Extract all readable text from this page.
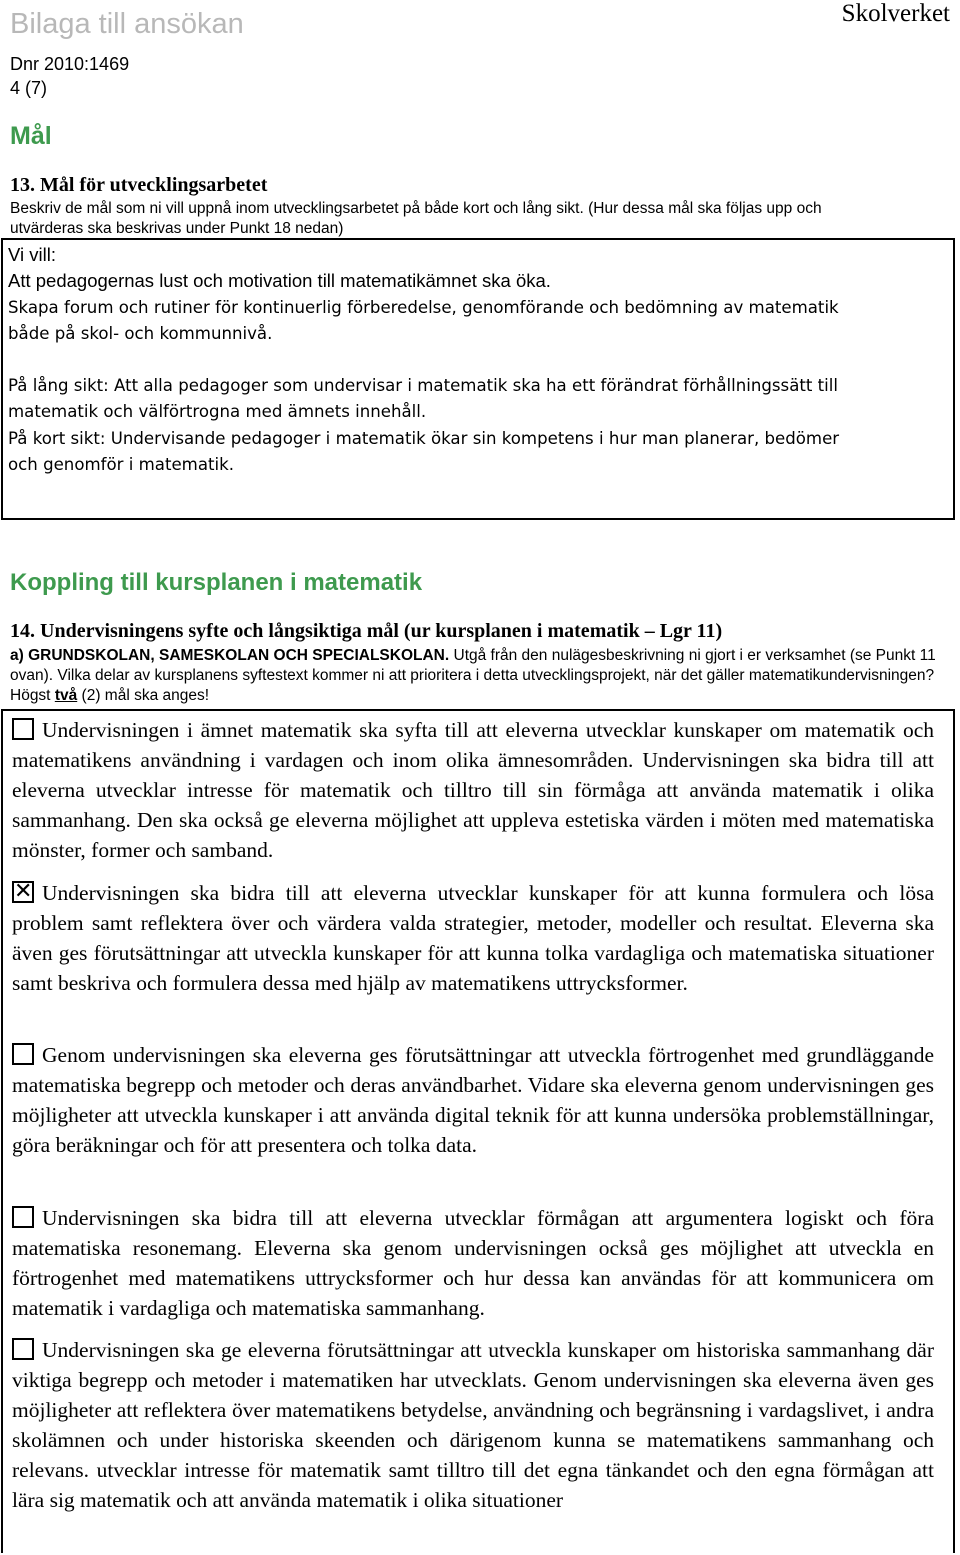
Bilaga till ansökan	Skolverket
Dnr 2010:1469
4 (7)
Mål
13. Mål för utvecklingsarbetet
Beskriv de mål som ni vill uppnå inom utvecklingsarbetet på både kort och lång sikt. (Hur dessa mål ska följas upp och
utvärderas ska beskrivas under Punkt 18 nedan)
Vi vill:
Att pedagogernas lust och motivation till matematikämnet ska öka.
Skapa forum och rutiner för kontinuerlig förberedelse, genomförande och bedömning av matematik
både på skol- och kommunnivå.
På lång sikt: Att alla pedagoger som undervisar i matematik ska ha ett förändrat förhållningssätt till
matematik och välförtrogna med ämnets innehåll.
På kort sikt: Undervisande pedagoger i matematik ökar sin kompetens i hur man planerar, bedömer
och genomför i matematik.
Koppling till kursplanen i matematik
14. Undervisningens syfte och långsiktiga mål (ur kursplanen i matematik – Lgr 11)
a) GRUNDSKOLAN, SAMESKOLAN OCH SPECIALSKOLAN. Utgå från den nulägesbeskrivning ni gjort i er verksamhet (se Punkt 11 ovan). Vilka delar av kursplanens syftestext kommer ni att prioritera i detta utvecklingsprojekt, när det gäller matematikundervisningen? Högst två (2) mål ska anges!
Undervisningen i ämnet matematik ska syfta till att eleverna utvecklar kunskaper om matematik och matematikens användning i vardagen och inom olika ämnesområden. Undervisningen ska bidra till att eleverna utvecklar intresse för matematik och tilltro till sin förmåga att använda matematik i olika sammanhang. Den ska också ge eleverna möjlighet att uppleva estetiska värden i möten med matematiska mönster, former och samband.
✕ Undervisningen ska bidra till att eleverna utvecklar kunskaper för att kunna formulera och lösa problem samt reflektera över och värdera valda strategier, metoder, modeller och resultat. Eleverna ska även ges förutsättningar att utveckla kunskaper för att kunna tolka vardagliga och matematiska situationer samt beskriva och formulera dessa med hjälp av matematikens uttrycksformer.
Genom undervisningen ska eleverna ges förutsättningar att utveckla förtrogenhet med grundläggande matematiska begrepp och metoder och deras användbarhet. Vidare ska eleverna genom undervisningen ges möjligheter att utveckla kunskaper i att använda digital teknik för att kunna undersöka problemställningar, göra beräkningar och för att presentera och tolka data.
Undervisningen ska bidra till att eleverna utvecklar förmågan att argumentera logiskt och föra matematiska resonemang. Eleverna ska genom undervisningen också ges möjlighet att utveckla en förtrogenhet med matematikens uttrycksformer och hur dessa kan användas för att kommunicera om matematik i vardagliga och matematiska sammanhang.
Undervisningen ska ge eleverna förutsättningar att utveckla kunskaper om historiska sammanhang där viktiga begrepp och metoder i matematiken har utvecklats. Genom undervisningen ska eleverna även ges möjligheter att reflektera över matematikens betydelse, användning och begränsning i vardagslivet, i andra skolämnen och under historiska skeenden och därigenom kunna se matematikens sammanhang och relevans. utvecklar intresse för matematik samt tilltro till det egna tänkandet och den egna förmågan att lära sig matematik och att använda matematik i olika situationer
